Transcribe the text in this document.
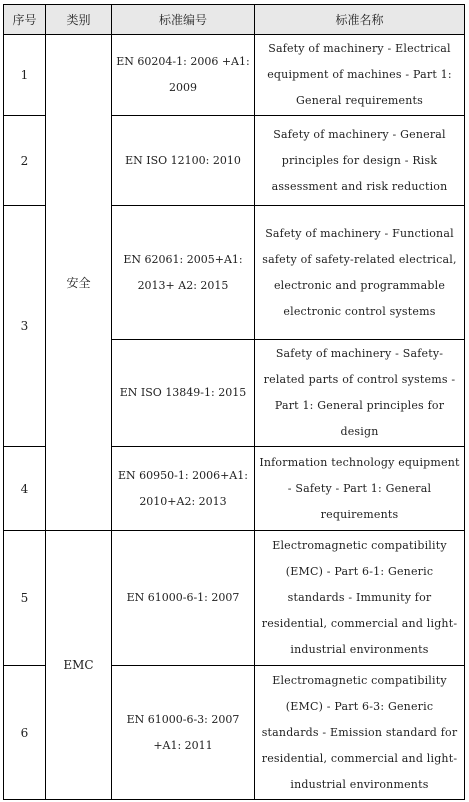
序号	类别	标准编号	标准名称
1	安全	EN 60204-1: 2006 +A1: 2009	Safety of machinery - Electrical equipment of machines - Part 1: General requirements
2		EN ISO 12100: 2010	Safety of machinery - General principles for design - Risk assessment and risk reduction
3		EN 62061: 2005+A1: 2013+ A2: 2015	Safety of machinery - Functional safety of safety-related electrical, electronic and programmable electronic control systems
		EN ISO 13849-1: 2015	Safety of machinery - Safety-related parts of control systems - Part 1: General principles for design
4		EN 60950-1: 2006+A1: 2010+A2: 2013	Information technology equipment - Safety - Part 1: General requirements
5	EMC	EN 61000-6-1: 2007	Electromagnetic compatibility (EMC) - Part 6-1: Generic standards - Immunity for residential, commercial and light-industrial environments
6		EN 61000-6-3: 2007 +A1: 2011	Electromagnetic compatibility (EMC) - Part 6-3: Generic standards - Emission standard for residential, commercial and light-industrial environments
